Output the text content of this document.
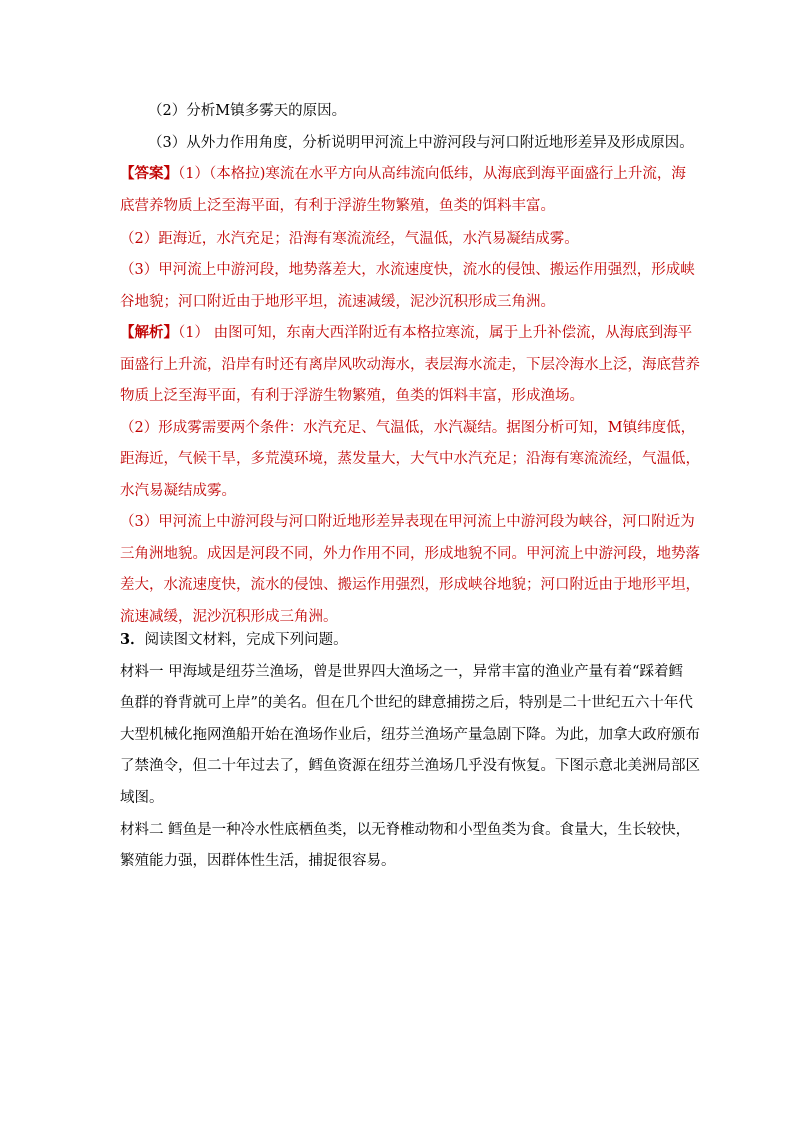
（2）分析M镇多雾天的原因。
（3）从外力作用角度，分析说明甲河流上中游河段与河口附近地形差异及形成原因。
【答案】（1）（本格拉)寒流在水平方向从高纬流向低纬，从海底到海平面盛行上升流，海
底营养物质上泛至海平面，有利于浮游生物繁殖，鱼类的饵料丰富。
（2）距海近，水汽充足；沿海有寒流流经，气温低，水汽易凝结成雾。
（3）甲河流上中游河段，地势落差大，水流速度快，流水的侵蚀、搬运作用强烈，形成峡
谷地貌；河口附近由于地形平坦，流速减缓，泥沙沉积形成三角洲。
【解析】（1） 由图可知，东南大西洋附近有本格拉寒流，属于上升补偿流，从海底到海平
面盛行上升流，沿岸有时还有离岸风吹动海水，表层海水流走，下层冷海水上泛，海底营养
物质上泛至海平面，有利于浮游生物繁殖，鱼类的饵料丰富，形成渔场。
（2）形成雾需要两个条件：水汽充足、气温低，水汽凝结。据图分析可知，M镇纬度低，
距海近，气候干旱，多荒漠环境，蒸发量大，大气中水汽充足；沿海有寒流流经，气温低，
水汽易凝结成雾。
（3）甲河流上中游河段与河口附近地形差异表现在甲河流上中游河段为峡谷，河口附近为
三角洲地貌。成因是河段不同，外力作用不同，形成地貌不同。甲河流上中游河段，地势落
差大，水流速度快，流水的侵蚀、搬运作用强烈，形成峡谷地貌；河口附近由于地形平坦，
流速减缓，泥沙沉积形成三角洲。
3．阅读图文材料，完成下列问题。
材料一 甲海域是纽芬兰渔场，曾是世界四大渔场之一，异常丰富的渔业产量有着“踩着鳕
鱼群的脊背就可上岸”的美名。但在几个世纪的肆意捕捞之后，特别是二十世纪五六十年代
大型机械化拖网渔船开始在渔场作业后，纽芬兰渔场产量急剧下降。为此，加拿大政府颁布
了禁渔令，但二十年过去了，鳕鱼资源在纽芬兰渔场几乎没有恢复。下图示意北美洲局部区
域图。
材料二 鳕鱼是一种冷水性底栖鱼类，以无脊椎动物和小型鱼类为食。食量大，生长较快，
繁殖能力强，因群体性生活，捕捉很容易。
